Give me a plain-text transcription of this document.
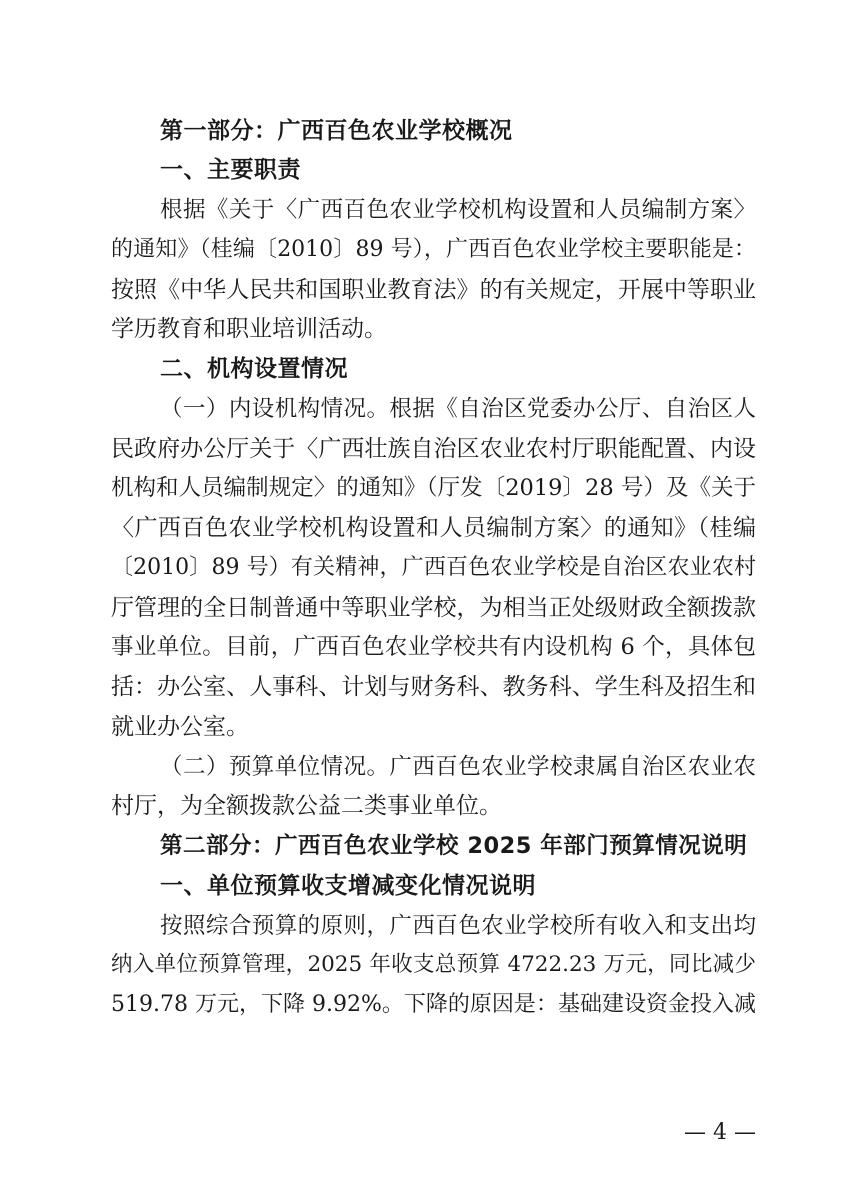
第一部分：广西百色农业学校概况
一、主要职责
根据《关于〈广西百色农业学校机构设置和人员编制方案〉
的通知》（桂编〔2010〕89 号），广西百色农业学校主要职能是：
按照《中华人民共和国职业教育法》的有关规定，开展中等职业
学历教育和职业培训活动。
二、机构设置情况
（一）内设机构情况。根据《自治区党委办公厅、自治区人
民政府办公厅关于〈广西壮族自治区农业农村厅职能配置、内设
机构和人员编制规定〉的通知》（厅发〔2019〕28 号）及《关于
〈广西百色农业学校机构设置和人员编制方案〉的通知》（桂编
〔2010〕89 号）有关精神，广西百色农业学校是自治区农业农村
厅管理的全日制普通中等职业学校，为相当正处级财政全额拨款
事业单位。目前，广西百色农业学校共有内设机构 6 个，具体包
括：办公室、人事科、计划与财务科、教务科、学生科及招生和
就业办公室。
（二）预算单位情况。广西百色农业学校隶属自治区农业农
村厅，为全额拨款公益二类事业单位。
第二部分：广西百色农业学校 2025 年部门预算情况说明
一、单位预算收支增减变化情况说明
按照综合预算的原则，广西百色农业学校所有收入和支出均
纳入单位预算管理，2025 年收支总预算 4722.23 万元，同比减少
519.78 万元，下降 9.92%。下降的原因是：基础建设资金投入减
— 4 —
